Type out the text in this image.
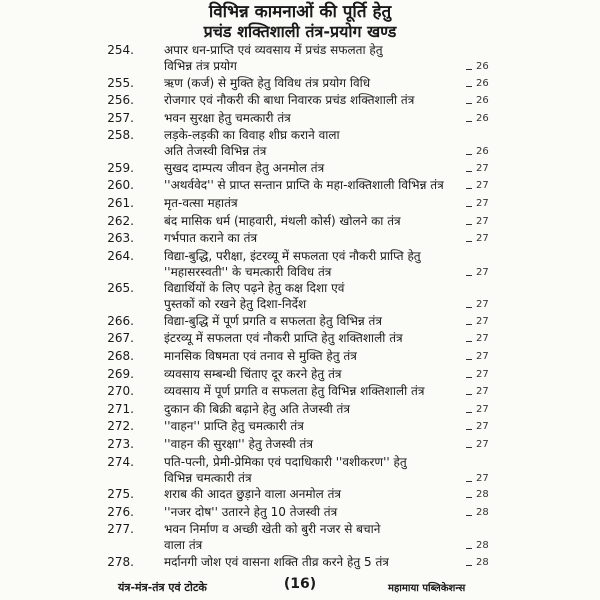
विभिन्न कामनाओं की पूर्ति हेतु
प्रचंड शक्तिशाली तंत्र-प्रयोग खण्ड
254.	अपार धन-प्राप्ति एवं व्यवसाय में प्रचंड सफलता हेतु
विभिन्न तंत्र प्रयोग	26
255.	ऋण (कर्ज) से मुक्ति हेतु विविध तंत्र प्रयोग विधि	26
256.	रोजगार एवं नौकरी की बाधा निवारक प्रचंड शक्तिशाली तंत्र	26
257.	भवन सुरक्षा हेतु चमत्कारी तंत्र	26
258.	लड़के-लड़की का विवाह शीघ्र कराने वाला
अति तेजस्वी विभिन्न तंत्र	26
259.	सुखद दाम्पत्य जीवन हेतु अनमोल तंत्र	27
260.	''अथर्ववेद'' से प्राप्त सन्तान प्राप्ति के महा-शक्तिशाली विभिन्न तंत्र	27
261.	मृत-वत्सा महातंत्र	27
262.	बंद मासिक धर्म (माहवारी, मंथली कोर्स) खोलने का तंत्र	27
263.	गर्भपात कराने का तंत्र	27
264.	विद्या-बुद्धि, परीक्षा, इंटरव्यू में सफलता एवं नौकरी प्राप्ति हेतु
''महासरस्वती'' के चमत्कारी विविध तंत्र	27
265.	विद्यार्थियों के लिए पढ़ने हेतु कक्ष दिशा एवं
पुस्तकों को रखने हेतु दिशा-निर्देश	27
266.	विद्या-बुद्धि में पूर्ण प्रगति व सफलता हेतु विभिन्न तंत्र	27
267.	इंटरव्यू में सफलता एवं नौकरी प्राप्ति हेतु शक्तिशाली तंत्र	27
268.	मानसिक विषमता एवं तनाव से मुक्ति हेतु तंत्र	27
269.	व्यवसाय सम्बन्धी चिंताए दूर करने हेतु तंत्र	27
270.	व्यवसाय में पूर्ण प्रगति व सफलता हेतु विभिन्न शक्तिशाली तंत्र	27
271.	दुकान की बिक्री बढ़ाने हेतु अति तेजस्वी तंत्र	27
272.	''वाहन'' प्राप्ति हेतु चमत्कारी तंत्र	27
273.	''वाहन की सुरक्षा'' हेतु तेजस्वी तंत्र	27
274.	पति-पत्नी, प्रेमी-प्रेमिका एवं पदाधिकारी ''वशीकरण'' हेतु
विभिन्न चमत्कारी तंत्र	27
275.	शराब की आदत छुड़ाने वाला अनमोल तंत्र	28
276.	''नजर दोष'' उतारने हेतु 10 तेजस्वी तंत्र	28
277.	भवन निर्माण व अच्छी खेती को बुरी नजर से बचाने
वाला तंत्र	28
278.	मर्दानगी जोश एवं वासना शक्ति तीव्र करने हेतु 5 तंत्र	28
यंत्र-मंत्र-तंत्र एवं टोटके	(16)	महामाया पब्लिकेशन्स
